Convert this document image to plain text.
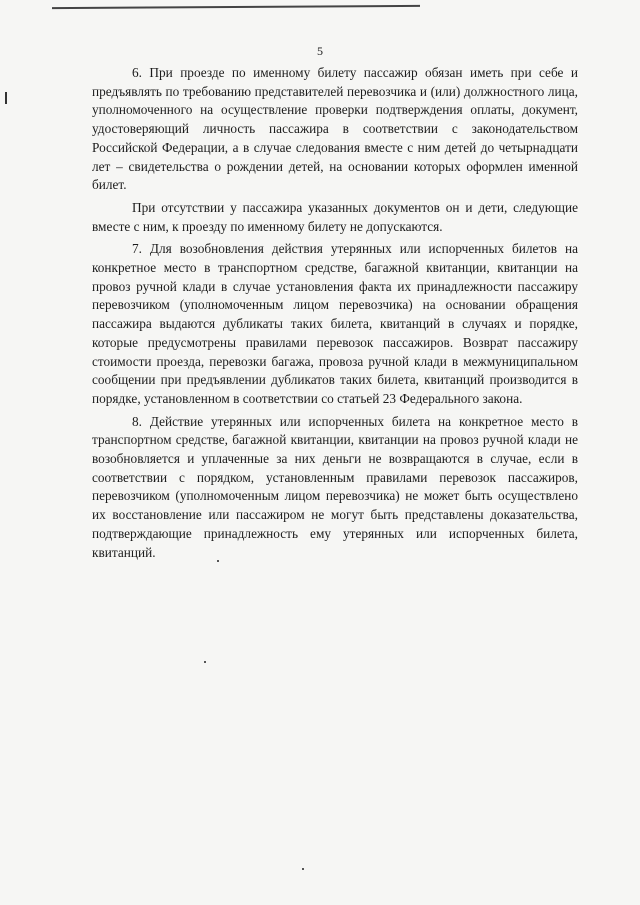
5

6. При проезде по именному билету пассажир обязан иметь при себе и предъявлять по требованию представителей перевозчика и (или) должностного лица, уполномоченного на осуществление проверки подтверждения оплаты, документ, удостоверяющий личность пассажира в соответствии с законодательством Российской Федерации, а в случае следования вместе с ним детей до четырнадцати лет – свидетельства о рождении детей, на основании которых оформлен именной билет.

При отсутствии у пассажира указанных документов он и дети, следующие вместе с ним, к проезду по именному билету не допускаются.

7. Для возобновления действия утерянных или испорченных билетов на конкретное место в транспортном средстве, багажной квитанции, квитанции на провоз ручной клади в случае установления факта их принадлежности пассажиру перевозчиком (уполномоченным лицом перевозчика) на основании обращения пассажира выдаются дубликаты таких билета, квитанций в случаях и порядке, которые предусмотрены правилами перевозок пассажиров. Возврат пассажиру стоимости проезда, перевозки багажа, провоза ручной клади в межмуниципальном сообщении при предъявлении дубликатов таких билета, квитанций производится в порядке, установленном в соответствии со статьей 23 Федерального закона.

8. Действие утерянных или испорченных билета на конкретное место в транспортном средстве, багажной квитанции, квитанции на провоз ручной клади не возобновляется и уплаченные за них деньги не возвращаются в случае, если в соответствии с порядком, установленным правилами перевозок пассажиров, перевозчиком (уполномоченным лицом перевозчика) не может быть осуществлено их восстановление или пассажиром не могут быть представлены доказательства, подтверждающие принадлежность ему утерянных или испорченных билета, квитанций.
